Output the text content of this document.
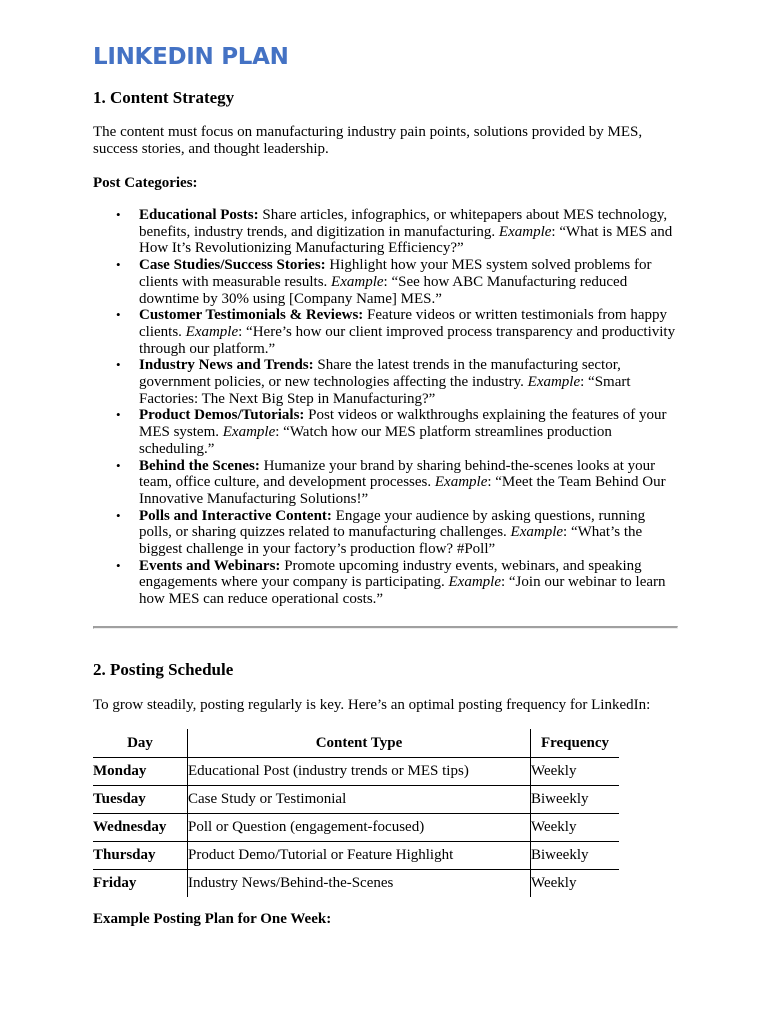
LINKEDIN PLAN
1. Content Strategy

The content must focus on manufacturing industry pain points, solutions provided by MES, success stories, and thought leadership.

Post Categories:

• Educational Posts: Share articles, infographics, or whitepapers about MES technology, benefits, industry trends, and digitization in manufacturing. Example: “What is MES and How It’s Revolutionizing Manufacturing Efficiency?”
• Case Studies/Success Stories: Highlight how your MES system solved problems for clients with measurable results. Example: “See how ABC Manufacturing reduced downtime by 30% using [Company Name] MES.”
• Customer Testimonials & Reviews: Feature videos or written testimonials from happy clients. Example: “Here’s how our client improved process transparency and productivity through our platform.”
• Industry News and Trends: Share the latest trends in the manufacturing sector, government policies, or new technologies affecting the industry. Example: “Smart Factories: The Next Big Step in Manufacturing?”
• Product Demos/Tutorials: Post videos or walkthroughs explaining the features of your MES system. Example: “Watch how our MES platform streamlines production scheduling.”
• Behind the Scenes: Humanize your brand by sharing behind-the-scenes looks at your team, office culture, and development processes. Example: “Meet the Team Behind Our Innovative Manufacturing Solutions!”
• Polls and Interactive Content: Engage your audience by asking questions, running polls, or sharing quizzes related to manufacturing challenges. Example: “What’s the biggest challenge in your factory’s production flow? #Poll”
• Events and Webinars: Promote upcoming industry events, webinars, and speaking engagements where your company is participating. Example: “Join our webinar to learn how MES can reduce operational costs.”
2. Posting Schedule

To grow steadily, posting regularly is key. Here’s an optimal posting frequency for LinkedIn:

Day	Content Type	Frequency
Monday	Educational Post (industry trends or MES tips)	Weekly
Tuesday	Case Study or Testimonial	Biweekly
Wednesday	Poll or Question (engagement-focused)	Weekly
Thursday	Product Demo/Tutorial or Feature Highlight	Biweekly
Friday	Industry News/Behind-the-Scenes	Weekly

Example Posting Plan for One Week:
